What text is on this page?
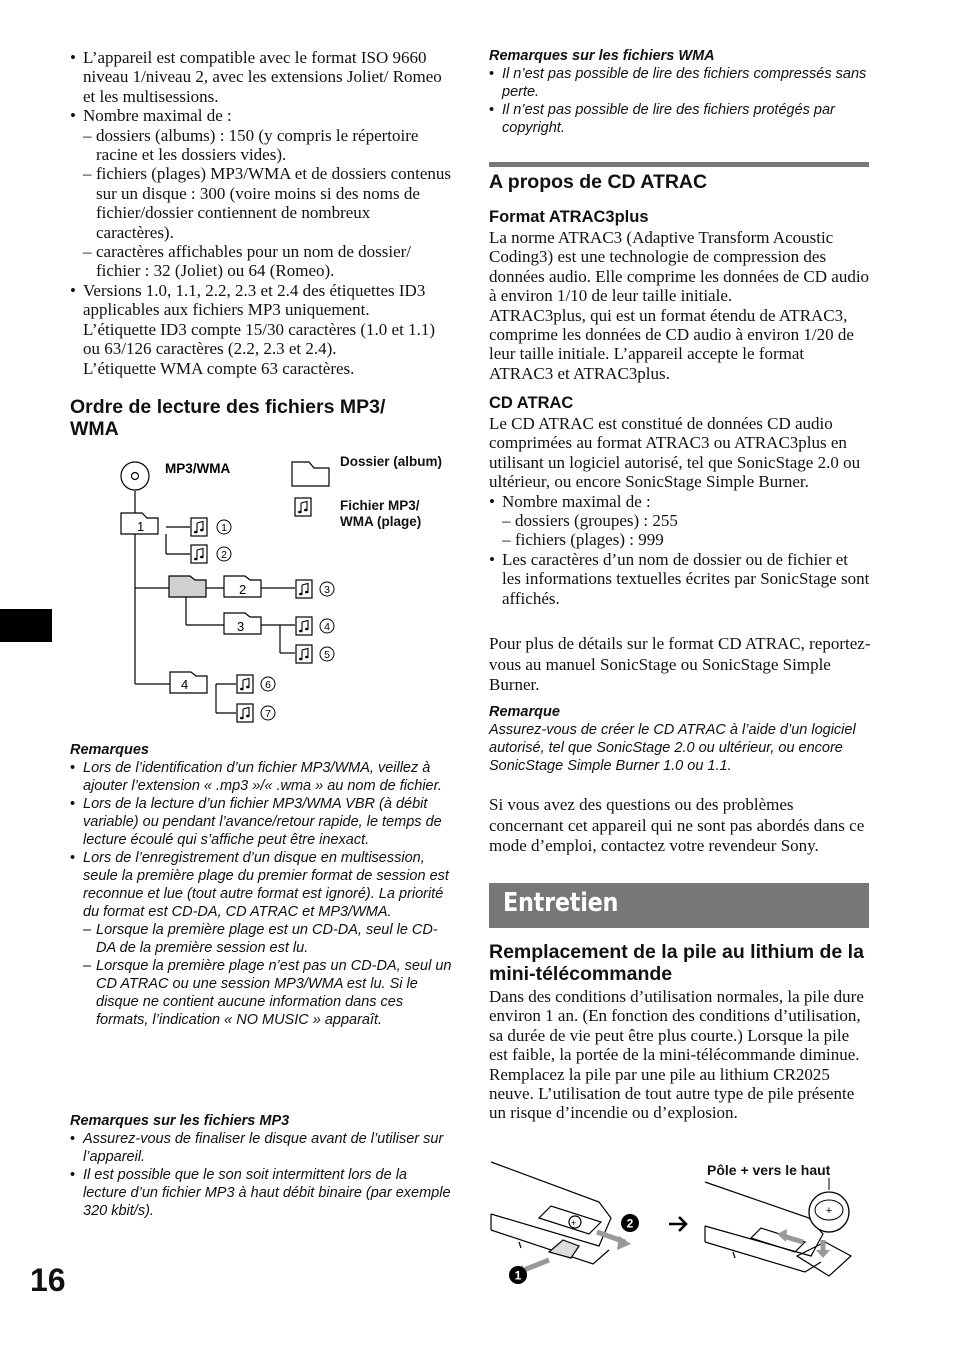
16

• L’appareil est compatible avec le format ISO 9660 niveau 1/niveau 2, avec les extensions Joliet/ Romeo et les multisessions.

• Nombre maximal de :

– dossiers (albums) : 150 (y compris le répertoire racine et les dossiers vides).

– fichiers (plages) MP3/WMA et de dossiers contenus sur un disque : 300 (voire moins si des noms de fichier/dossier contiennent de nombreux caractères).

– caractères affichables pour un nom de dossier/ fichier : 32 (Joliet) ou 64 (Romeo).

• Versions 1.0, 1.1, 2.2, 2.3 et 2.4 des étiquettes ID3 applicables aux fichiers MP3 uniquement.

L’étiquette ID3 compte 15/30 caractères (1.0 et 1.1) ou 63/126 caractères (2.2, 2.3 et 2.4).

L’étiquette WMA compte 63 caractères.

Ordre de lecture des fichiers MP3/ WMA
MP3/WMA
1
2
3
4
1
2
3
4
5
6
7
Dossier (album)
Fichier MP3/ WMA (plage)
Remarques

• Lors de l’identification d’un fichier MP3/WMA, veillez à ajouter l’extension « .mp3 »/« .wma » au nom de fichier.

• Lors de la lecture d’un fichier MP3/WMA VBR (à débit variable) ou pendant l’avance/retour rapide, le temps de lecture écoulé qui s’affiche peut être inexact.

• Lors de l’enregistrement d’un disque en multisession, seule la première plage du premier format de session est reconnue et lue (tout autre format est ignoré). La priorité du format est CD-DA, CD ATRAC et MP3/WMA.

– Lorsque la première plage est un CD-DA, seul le CD-DA de la première session est lu.

– Lorsque la première plage n’est pas un CD-DA, seul un CD ATRAC ou une session MP3/WMA est lu. Si le disque ne contient aucune information dans ces formats, l’indication « NO MUSIC » apparaît.

Remarques sur les fichiers MP3

• Assurez-vous de finaliser le disque avant de l’utiliser sur l’appareil.

• Il est possible que le son soit intermittent lors de la lecture d’un fichier MP3 à haut débit binaire (par exemple 320 kbit/s).

Remarques sur les fichiers WMA

• Il n’est pas possible de lire des fichiers compressés sans perte.

• Il n’est pas possible de lire des fichiers protégés par copyright.

A propos de CD ATRAC
Format ATRAC3plus

La norme ATRAC3 (Adaptive Transform Acoustic Coding3) est une technologie de compression des données audio. Elle comprime les données de CD audio à environ 1/10 de leur taille initiale.

ATRAC3plus, qui est un format étendu de ATRAC3, comprime les données de CD audio à environ 1/20 de leur taille initiale. L’appareil accepte le format ATRAC3 et ATRAC3plus.

CD ATRAC

Le CD ATRAC est constitué de données CD audio comprimées au format ATRAC3 ou ATRAC3plus en utilisant un logiciel autorisé, tel que SonicStage 2.0 ou ultérieur, ou encore SonicStage Simple Burner.

• Nombre maximal de :

– dossiers (groupes) : 255

– fichiers (plages) : 999

• Les caractères d’un nom de dossier ou de fichier et les informations textuelles écrites par SonicStage sont affichés.

Pour plus de détails sur le format CD ATRAC, reportez-vous au manuel SonicStage ou SonicStage Simple Burner.

Remarque

Assurez-vous de créer le CD ATRAC à l’aide d’un logiciel autorisé, tel que SonicStage 2.0 ou ultérieur, ou encore SonicStage Simple Burner 1.0 ou 1.1.

Si vous avez des questions ou des problèmes concernant cet appareil qui ne sont pas abordés dans ce mode d’emploi, contactez votre revendeur Sony.

Entretien
Remplacement de la pile au lithium de la mini-télécommande

Dans des conditions d’utilisation normales, la pile dure environ 1 an. (En fonction des conditions d’utilisation, sa durée de vie peut être plus courte.) Lorsque la pile est faible, la portée de la mini-télécommande diminue. Remplacez la pile par une pile au lithium CR2025 neuve. L’utilisation de tout autre type de pile présente un risque d’incendie ou d’explosion.

+
1
2
+
Pôle + vers le haut
